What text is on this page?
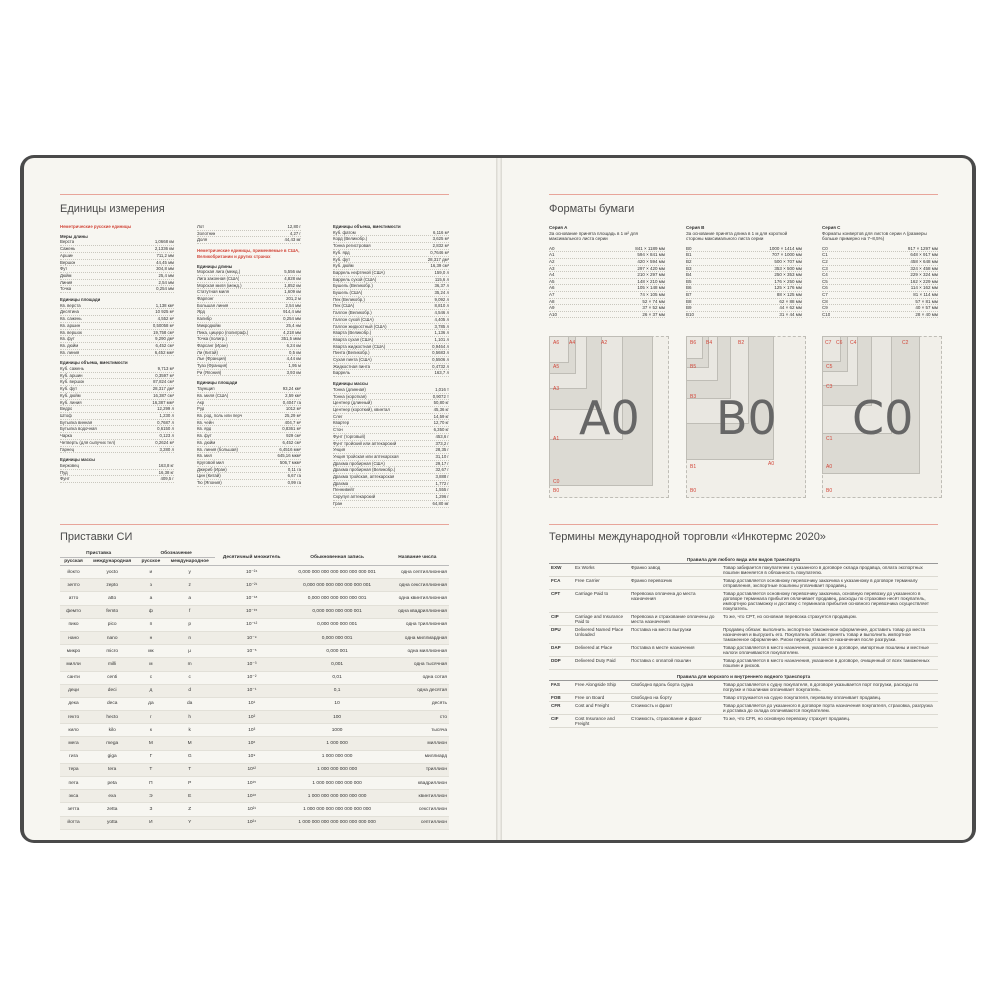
Единицы измерения
Неметрические русские единицы
Меры длины
Верста	1,0668 км
Сажень	2,1336 км
Аршин	711,2 мм
Вершок	44,45 мм
Фут	304,8 мм
Дюйм	25,4 мм
Линия	2,54 мм
Точка	0,254 мм
Единицы площади
Кв. верста	1,138 км²
Десятина	10 925 м²
Кв. сажень	4,552 м²
Кв. аршин	0,50058 м²
Кв. вершок	19,758 см²
Кв. фут	9,290 дм²
Кв. дюйм	6,452 см²
Кв. линия	6,452 мм²
Единицы объема, вместимости
Куб. сажень	9,713 м³
Куб. аршин	0,3597 м³
Куб. вершок	87,824 см³
Куб. фут	28,317 дм³
Куб. дюйм	16,387 см³
Куб. линия	16,387 мм³
Ведро	12,299 л
Штоф	1,230 л
Бутылка винная	0,7687 л
Бутылка водочная	0,6150 л
Чарка	0,123 л
Четверть (для сыпучих тел)	0,2624 м³
Гарнец	3,280 л
Единицы массы
Берковец	163,8 кг
Пуд	16,38 кг
Фунт	409,5 г
Лот	12,80 г
Золотник	4,27 г
Доля	44,43 мг
Неметрические единицы, применяемые в США, Великобритании и других странах
Единицы длины
Морская лига (межд.)	5,556 км
Лига законная (США)	4,828 км
Морская миля (межд.)	1,852 км
Статутная миля	1,609 км
Фарлонг	201,2 м
Большая линия	2,54 мм
Ярд	914,4 мм
Калибр	0,254 мм
Микродюйм	25,4 нм
Пика, цицеро (полиграф.)	4,218 мм
Точка (полигр.)	351,5 мкм
Фарсанг (Иран)	6,24 км
Ли (Китай)	0,5 км
Лье (Франция)	4,44 км
Туаз (Франция)	1,95 м
Ри (Япония)	3,93 км
Единицы площади
Таунщип	93,24 км²
Кв. миля (США)	2,59 км²
Акр	0,4047 га
Руд	1012 м²
Кв. род, поль или перч	25,29 м²
Кв. чейн	404,7 м²
Кв. ярд	0,8361 м²
Кв. фут	929 см²
Кв. дюйм	6,452 см²
Кв. линия (большая)	6,4516 мм²
Кв. мил	645,16 мкм²
Круговой мил	506,7 мкм²
Джериб (Иран)	0,11 га
Цин (Китай)	6,67 га
Тю (Япония)	0,99 га
Единицы объема, вместимости
Куб. фатом	6,116 м³
Корд (Великобр.)	3,625 м³
Тонна регистровая	2,832 м³
Куб. ярд	0,7646 м³
Куб. фут	28,317 дм³
Куб. дюйм	16,39 см³
Баррель нефтяной (США)	159,0 л
Баррель сухой (США)	115,6 л
Бушель (Великобр.)	36,37 л
Бушель (США)	35,24 л
Пек (Великобр.)	9,092 л
Пек (США)	8,810 л
Галлон (Великобр.)	4,546 л
Галлон сухой (США)	4,405 л
Галлон жидкостный (США)	3,785 л
Кварта (Великобр.)	1,136 л
Кварта сухая (США)	1,101 л
Кварта жидкостная (США)	0,9464 л
Пинта (Великобр.)	0,5683 л
Сухая пинта (США)	0,5506 л
Жидкостная пинта	0,4732 л
Баррель	163,7 л
Единицы массы
Тонна (длинная)	1,016 т
Тонна (короткая)	0,9072 т
Центнер (длинный)	50,80 кг
Центнер (короткий), квинтал	45,36 кг
Слег	14,59 кг
Квартер	12,70 кг
Стон	6,350 кг
Фунт (торговый)	453,6 г
Фунт тройский или аптекарский	373,2 г
Унция	28,35 г
Унция тройская или аптекарская	31,10 г
Драхма пробирная (США)	29,17 г
Драхма пробирная (Великобр.)	32,67 г
Драхма тройская, аптекарская	3,888 г
Драхма	1,772 г
Пеннивейт	1,555 г
Скрупул аптекарский	1,296 г
Гран	64,80 мг
Приставки СИ
Приставка		Обозначение		Десятичный множитель	Обыкновенная запись	Название числа
русская	международная	русское	международное			
йокто	yocto	и	y	10⁻²⁴	0,000 000 000 000 000 000 000 001	одна септиллионная
зепто	zepto	з	z	10⁻²¹	0,000 000 000 000 000 000 001	одна секстиллионная
атто	atto	а	a	10⁻¹⁸	0,000 000 000 000 000 001	одна квинтиллионная
фемто	femto	ф	f	10⁻¹⁵	0,000 000 000 000 001	одна квадриллионная
пико	pico	п	p	10⁻¹²	0,000 000 000 001	одна триллионная
нано	nano	н	n	10⁻⁹	0,000 000 001	одна миллиардная
микро	micro	мк	μ	10⁻⁶	0,000 001	одна миллионная
милли	milli	м	m	10⁻³	0,001	одна тысячная
санти	centi	с	c	10⁻²	0,01	одна сотая
деци	deci	д	d	10⁻¹	0,1	одна десятая
дека	deca	да	da	10¹	10	десять
гекто	hecto	г	h	10²	100	сто
кило	kilo	к	k	10³	1000	тысяча
мега	mega	М	M	10⁶	1 000 000	миллион
гига	giga	Г	G	10⁹	1 000 000 000	миллиард
тера	tera	Т	T	10¹²	1 000 000 000 000	триллион
пета	peta	П	P	10¹⁵	1 000 000 000 000 000	квадриллион
экса	exa	Э	E	10¹⁸	1 000 000 000 000 000 000	квинтиллион
зетта	zetta	З	Z	10²¹	1 000 000 000 000 000 000 000	секстиллион
йотта	yotta	И	Y	10²⁴	1 000 000 000 000 000 000 000 000	септиллион
Форматы бумаги
Серия A
За основание принята площадь в 1 м² для максимального листа серии
A0	841 × 1189 мм
A1	594 × 841 мм
A2	420 × 594 мм
A3	297 × 420 мм
A4	210 × 297 мм
A5	148 × 210 мм
A6	105 × 148 мм
A7	74 × 105 мм
A8	52 × 74 мм
A9	37 × 52 мм
A10	26 × 37 мм
Серия B
За основание принята длина в 1 м для короткой стороны максимального листа серии
B0	1000 × 1414 мм
B1	707 × 1000 мм
B2	500 × 707 мм
B3	353 × 500 мм
B4	250 × 353 мм
B5	176 × 250 мм
B6	125 × 176 мм
B7	88 × 125 мм
B8	62 × 88 мм
B9	44 × 62 мм
B10	31 × 44 мм
Серия C
Форматы конвертов для листов серии A (размеры больше примерно на 7–8,5%)
C0	917 × 1297 мм
C1	648 × 917 мм
C2	458 × 648 мм
C3	324 × 458 мм
C4	229 × 324 мм
C5	162 × 229 мм
C6	114 × 162 мм
C7	81 × 114 мм
C8	57 × 81 мм
C9	40 × 57 мм
C10	28 × 40 мм
A6 A4	A2
A5
A3
A1
C0
B0
A0
B6 B4	B2
B5
B3
B1	A0
B0
B0
C7 C6 C4	C2
C5
C3
C1
A0
B0
C0
Термины международной торговли «Инкотермс 2020»
Правила для любого вида или видов транспорта			
EXW	Ex Works	Франко завод	Товар забирается покупателем с указанного в договоре склада продавца, оплата экспортных пошлин вменяется в обязанность покупателю.
FCA	Free Carrier	Франко перевозчик	Товар доставляется основному перевозчику заказчика к указанному в договоре терминалу отправления, экспортные пошлины уплачивает продавец.
CPT	Carriage Paid to	Перевозка оплачена до места назначения	Товар доставляется основному перевозчику заказчика, основную перевозку до указанного в договоре терминала прибытия оплачивает продавец, расходы по страховке несёт покупатель, импортную растаможку и доставку с терминала прибытия основного перевозчика осуществляет покупатель.
CIP	Carriage and Insurance Paid to	Перевозка и страхование оплачены до места назначения	То же, что CPT, но основная перевозка страхуется продавцом.
DPU	Delivered Named Place Unloaded	Поставка на место выгрузки	Продавец обязан: выполнить экспортное таможенное оформление, доставить товар до места назначения и выгрузить его. Покупатель обязан: принять товар и выполнить импортное таможенное оформление. Риски переходят в месте назначения после разгрузки.
DAP	Delivered at Place	Поставка в месте назначения	Товар доставляется в место назначения, указанное в договоре, импортные пошлины и местные налоги оплачиваются покупателем.
DDP	Delivered Duty Paid	Поставка с оплатой пошлин	Товар доставляется в место назначения, указанное в договоре, очищенный от всех таможенных пошлин и рисков.
Правила для морского и внутреннего водного транспорта			
FAS	Free Alongside Ship	Свободно вдоль борта судна	Товар доставляется к судну покупателя, в договоре указывается порт погрузки, расходы по погрузке и пошлинам оплачивает покупатель.
FOB	Free on Board	Свободно на борту	Товар отгружается на судно покупателя, перевалку оплачивает продавец.
CFR	Cost and Freight	Стоимость и фрахт	Товар доставляется до указанного в договоре порта назначения покупателя, страховка, разгрузка и доставка до склада оплачиваются покупателем.
CIF	Cost Insurance and Freight	Стоимость, страхование и фрахт	То же, что CFR, но основную перевозку страхует продавец.
